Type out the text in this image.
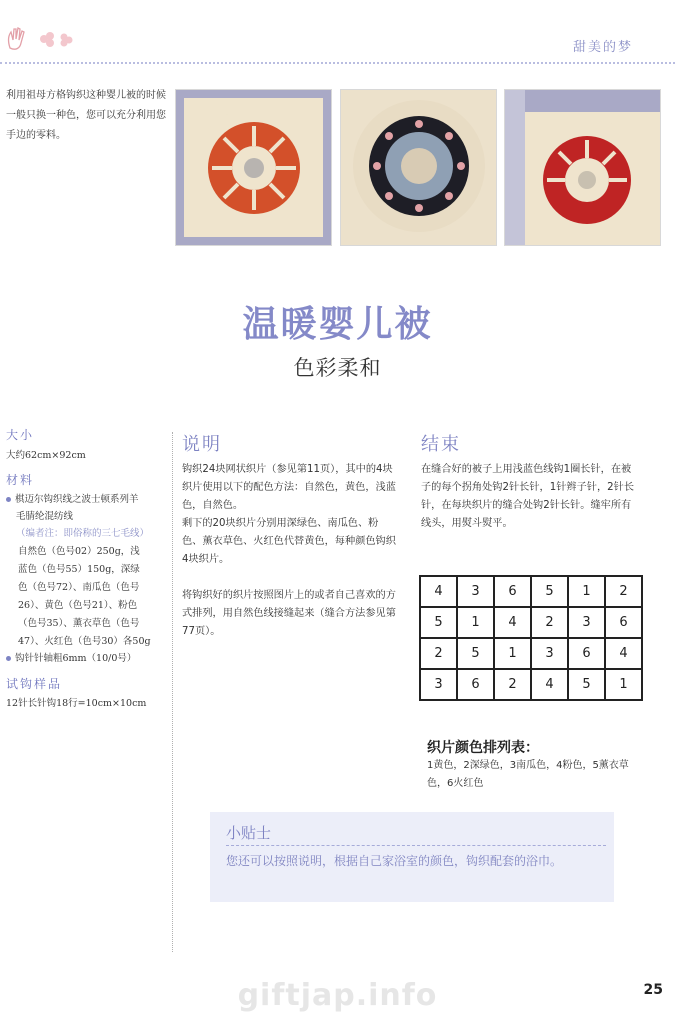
甜美的梦
利用祖母方格钩织这种婴儿被的时候一般只换一种色，您可以充分利用您手边的零料。
温暖婴儿被
色彩柔和
大小
大约62cm×92cm
材料
棋迈尔钩织线之波士顿系列羊
毛腈纶混纺线
（编者注：即俗称的三七毛线）
自然色（色号02）250g，浅
蓝色（色号55）150g，深绿
色（色号72）、南瓜色（色号
26）、黄色（色号21）、粉色
（色号35）、薰衣草色（色号
47）、火红色（色号30）各50g
钩针针轴粗6mm（10/0号）
试钩样品
12针长针钩18行=10cm×10cm
说明
钩织24块网状织片（参见第11页），其中的4块织片使用以下的配色方法：自然色，黄色，浅蓝色，自然色。
剩下的20块织片分别用深绿色、南瓜色、粉色、薰衣草色、火红色代替黄色，每种颜色钩织4块织片。
将钩织好的织片按照图片上的或者自己喜欢的方式排列，用自然色线接缝起来（缝合方法参见第77页）。
结束
在缝合好的被子上用浅蓝色线钩1圈长针，在被子的每个拐角处钩2针长针，1针辫子针，2针长针，在每块织片的缝合处钩2针长针。缝牢所有线头，用熨斗熨平。
4	3	6	5	1	2
5	1	4	2	3	6
2	5	1	3	6	4
3	6	2	4	5	1
织片颜色排列表：
1黄色，2深绿色，3南瓜色，4粉色，5薰衣草色，6火红色
小贴士
您还可以按照说明，根据自己家浴室的颜色，钩织配套的浴巾。
giftjap.info	25
